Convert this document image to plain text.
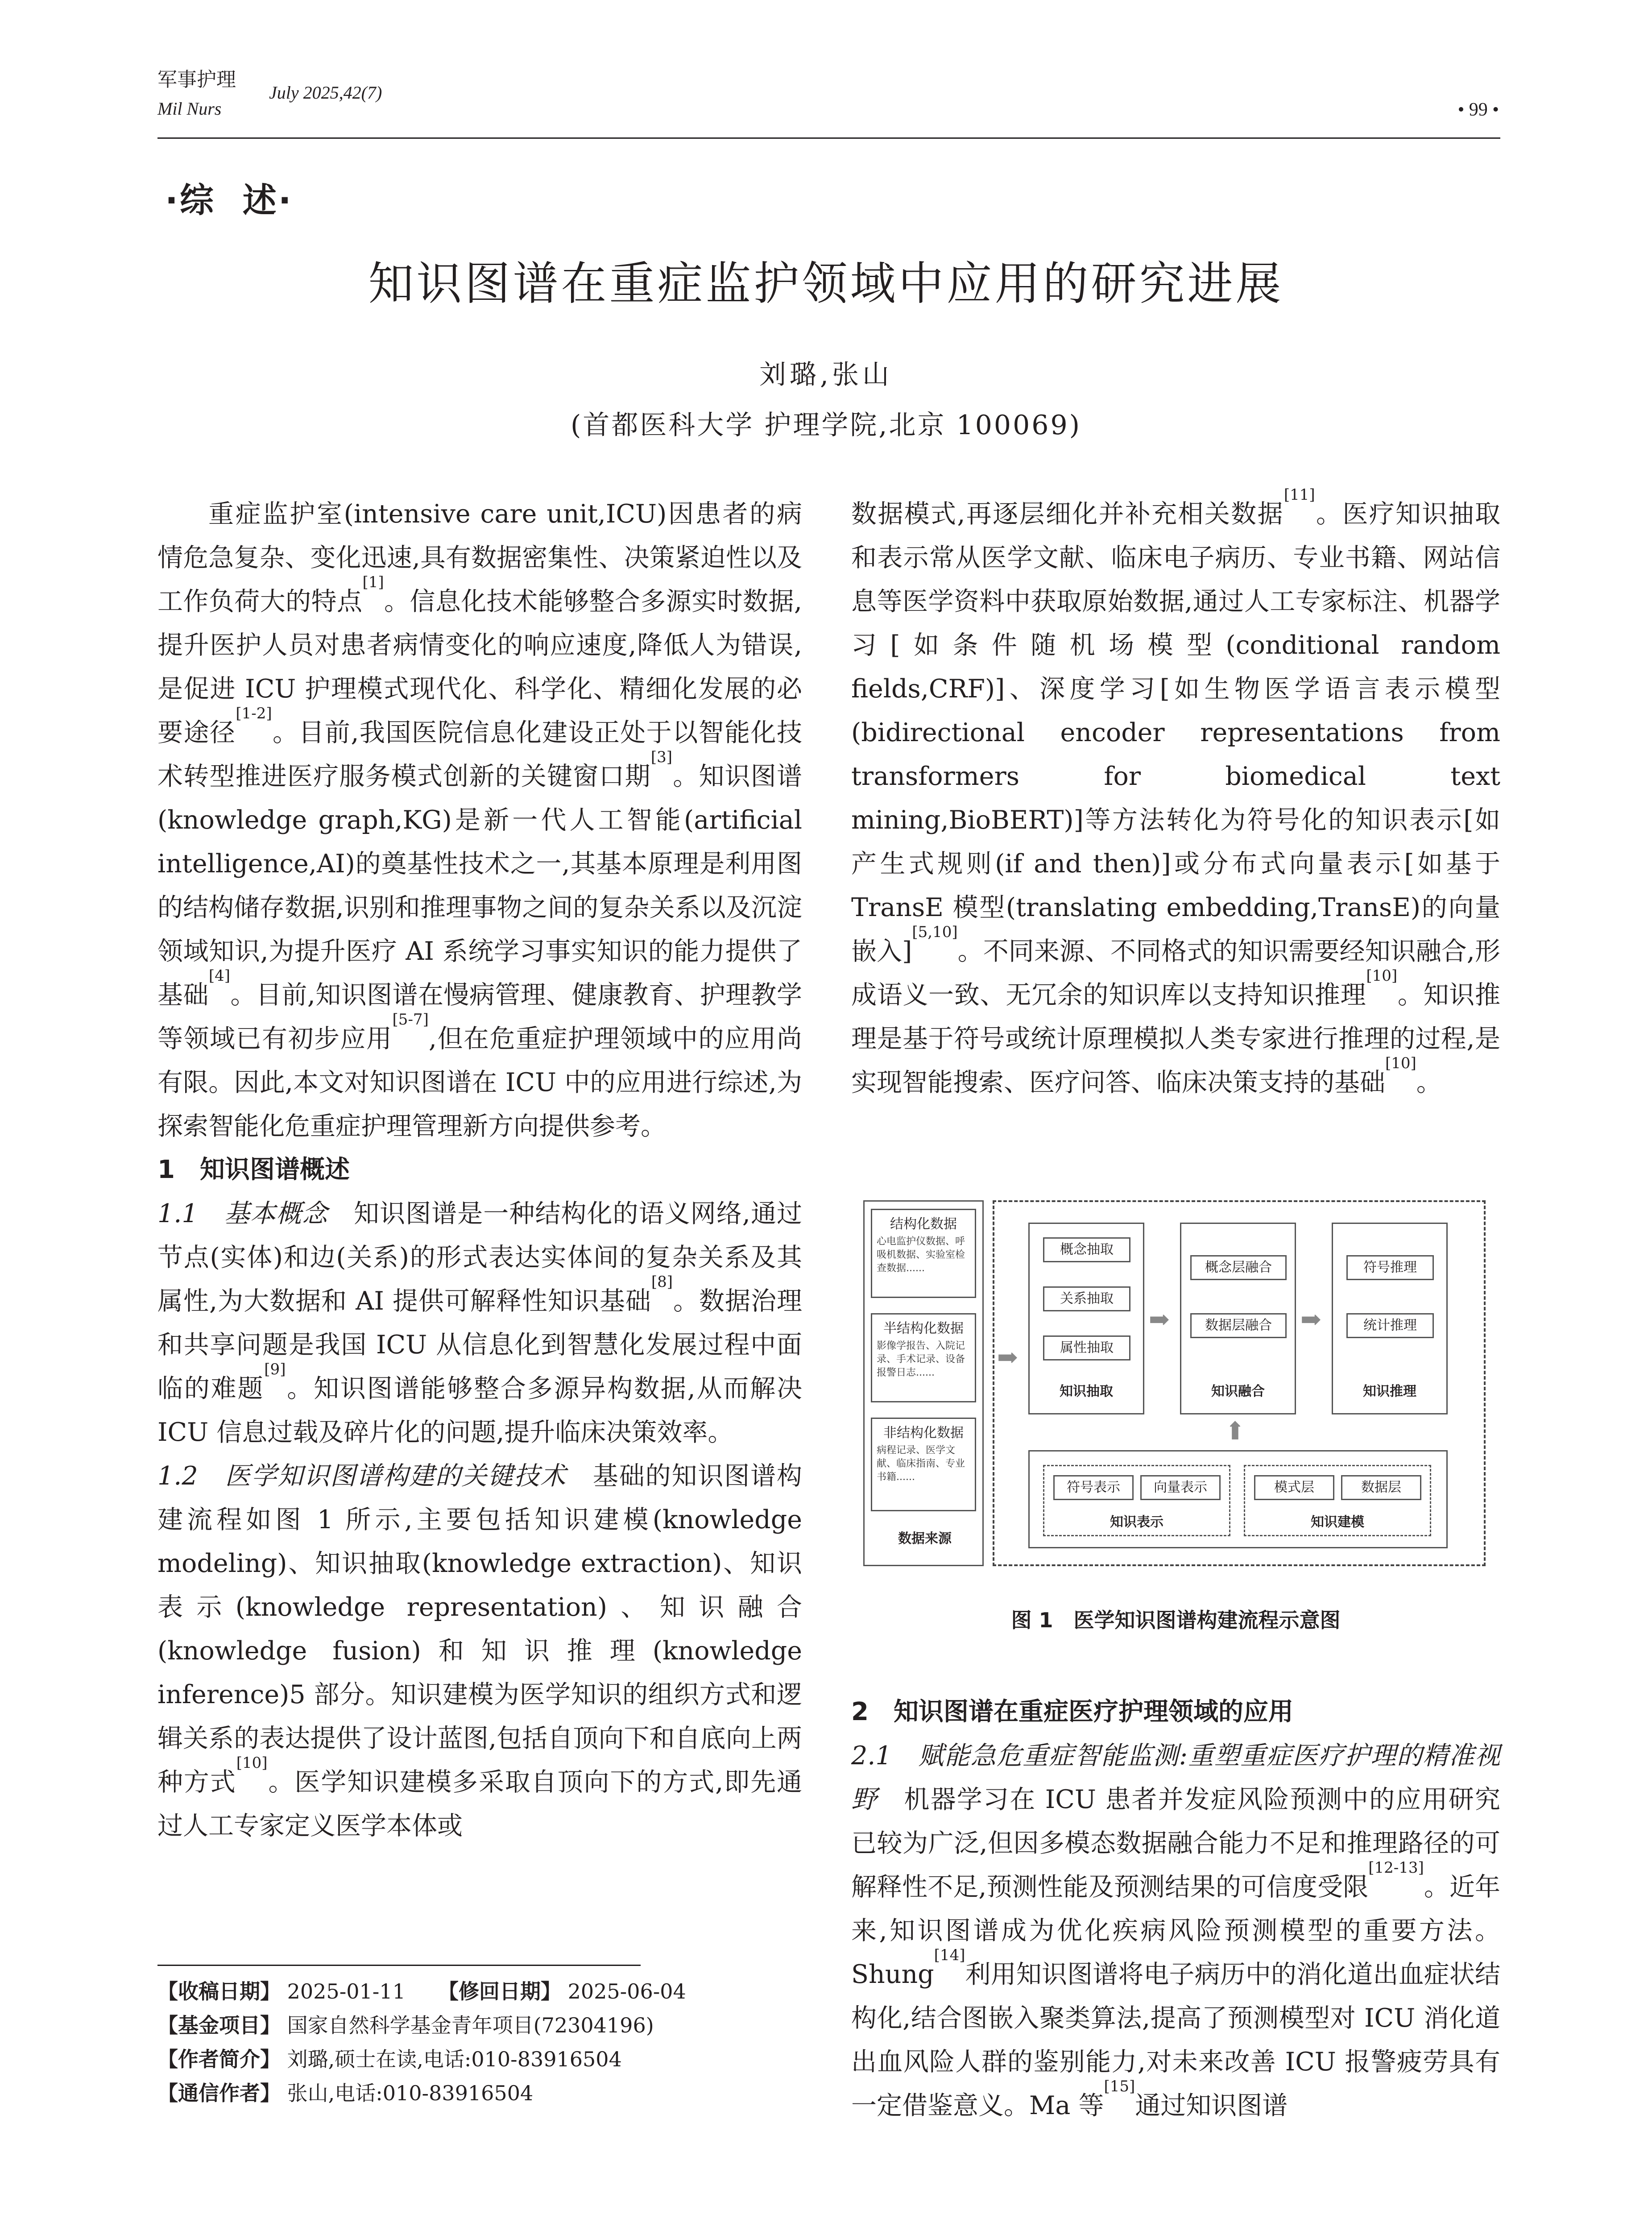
军事护理
Mil Nurs
July 2025,42(7)
• 99 •
·综  述·
知识图谱在重症监护领域中应用的研究进展
刘璐,张山
(首都医科大学 护理学院,北京 100069)

重症监护室(intensive care unit,ICU)因患者的病情危急复杂、变化迅速,具有数据密集性、决策紧迫性以及工作负荷大的特点[1]。信息化技术能够整合多源实时数据,提升医护人员对患者病情变化的响应速度,降低人为错误,是促进 ICU 护理模式现代化、科学化、精细化发展的必要途径[1-2]。目前,我国医院信息化建设正处于以智能化技术转型推进医疗服务模式创新的关键窗口期[3]。知识图谱(knowledge graph,KG)是新一代人工智能(artificial intelligence,AI)的奠基性技术之一,其基本原理是利用图的结构储存数据,识别和推理事物之间的复杂关系以及沉淀领域知识,为提升医疗 AI 系统学习事实知识的能力提供了基础[4]。目前,知识图谱在慢病管理、健康教育、护理教学等领域已有初步应用[5-7],但在危重症护理领域中的应用尚有限。因此,本文对知识图谱在 ICU 中的应用进行综述,为探索智能化危重症护理管理新方向提供参考。

1　知识图谱概述

1.1　基本概念　知识图谱是一种结构化的语义网络,通过节点(实体)和边(关系)的形式表达实体间的复杂关系及其属性,为大数据和 AI 提供可解释性知识基础[8]。数据治理和共享问题是我国 ICU 从信息化到智慧化发展过程中面临的难题[9]。知识图谱能够整合多源异构数据,从而解决 ICU 信息过载及碎片化的问题,提升临床决策效率。

1.2　医学知识图谱构建的关键技术　基础的知识图谱构建流程如图 1 所示,主要包括知识建模(knowledge modeling)、知识抽取(knowledge extraction)、知识表示(knowledge representation)、知识融合(knowledge fusion)和知识推理(knowledge inference)5 部分。知识建模为医学知识的组织方式和逻辑关系的表达提供了设计蓝图,包括自顶向下和自底向上两种方式[10]。医学知识建模多采取自顶向下的方式,即先通过人工专家定义医学本体或

数据模式,再逐层细化并补充相关数据[11]。医疗知识抽取和表示常从医学文献、临床电子病历、专业书籍、网站信息等医学资料中获取原始数据,通过人工专家标注、机器学习[如条件随机场模型(conditional random fields,CRF)]、深度学习[如生物医学语言表示模型(bidirectional encoder representations from transformers for biomedical text mining,BioBERT)]等方法转化为符号化的知识表示[如产生式规则(if and then)]或分布式向量表示[如基于 TransE 模型(translating embedding,TransE)的向量嵌入][5,10]。不同来源、不同格式的知识需要经知识融合,形成语义一致、无冗余的知识库以支持知识推理[10]。知识推理是基于符号或统计原理模拟人类专家进行推理的过程,是实现智能搜索、医疗问答、临床决策支持的基础[10]。

结构化数据
心电监护仪数据、呼吸机数据、实验室检查数据......
半结构化数据
影像学报告、入院记录、手术记录、设备报警日志......
非结构化数据
病程记录、医学文献、临床指南、专业书籍......
数据来源
➡
概念抽取
关系抽取
属性抽取
知识抽取
➡
概念层融合
数据层融合
知识融合
➡
符号推理
统计推理
知识推理
⬆
符号表示	向量表示
知识表示
模式层	数据层
知识建模
图 1　医学知识图谱构建流程示意图
2　知识图谱在重症医疗护理领域的应用

2.1　赋能急危重症智能监测:重塑重症医疗护理的精准视野　机器学习在 ICU 患者并发症风险预测中的应用研究已较为广泛,但因多模态数据融合能力不足和推理路径的可解释性不足,预测性能及预测结果的可信度受限[12-13]。近年来,知识图谱成为优化疾病风险预测模型的重要方法。Shung[14]利用知识图谱将电子病历中的消化道出血症状结构化,结合图嵌入聚类算法,提高了预测模型对 ICU 消化道出血风险人群的鉴别能力,对未来改善 ICU 报警疲劳具有一定借鉴意义。Ma 等[15]通过知识图谱

【收稿日期】 2025-01-11 【修回日期】 2025-06-04
【基金项目】 国家自然科学基金青年项目(72304196)
【作者简介】 刘璐,硕士在读,电话:010-83916504
【通信作者】 张山,电话:010-83916504
